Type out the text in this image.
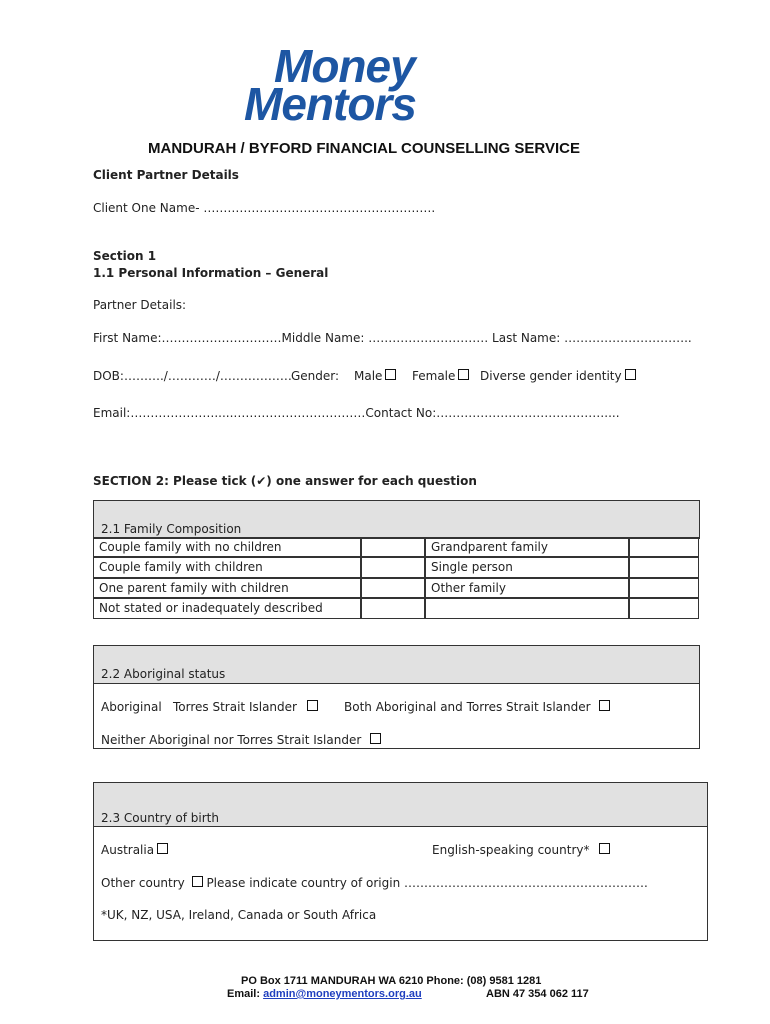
Money
Mentors
MANDURAH / BYFORD FINANCIAL COUNSELLING SERVICE
Client Partner Details
Client One Name- ………………………………………………….
Section 1
1.1 Personal Information – General
Partner Details:
First Name:…………………………Middle Name: ………………………… Last Name: …………………………..
DOB:………./…………/……………… Gender: Male	Female	Diverse gender identity
Email:………………….....……………………………Contact No:……………………………………....
SECTION 2: Please tick (✔) one answer for each question
2.1 Family Composition
Couple family with no children	Grandparent family
Couple family with children	Single person
One parent family with children	Other family
Not stated or inadequately described
2.2 Aboriginal status
Aboriginal Torres Strait Islander	Both Aboriginal and Torres Strait Islander
Neither Aboriginal nor Torres Strait Islander
2.3 Country of birth
Australia	English-speaking country*
Other country Please indicate country of origin …………………………………………………….
*UK, NZ, USA, Ireland, Canada or South Africa
PO Box 1711 MANDURAH WA 6210 Phone: (08) 9581 1281
Email: admin@moneymentors.org.au	ABN 47 354 062 117
